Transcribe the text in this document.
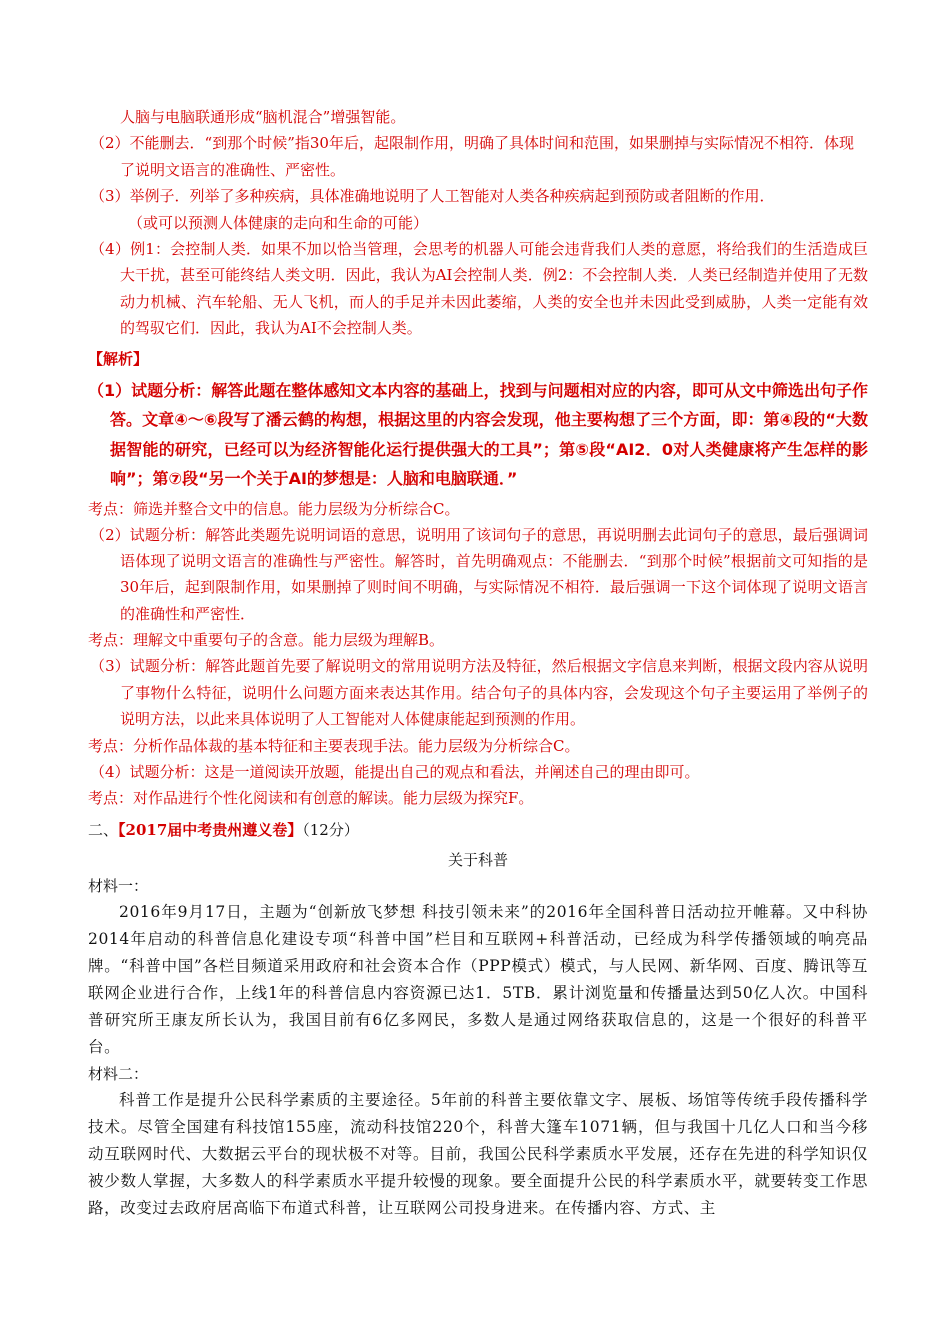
人脑与电脑联通形成“脑机混合”增强智能。
（2）不能删去．“到那个时候”指30年后，起限制作用，明确了具体时间和范围，如果删掉与实际情况不相符．体现了说明文语言的准确性、严密性。
（3）举例子．列举了多种疾病，具体准确地说明了人工智能对人类各种疾病起到预防或者阻断的作用．
（或可以预测人体健康的走向和生命的可能）
（4）例1：会控制人类．如果不加以恰当管理，会思考的机器人可能会违背我们人类的意愿，将给我们的生活造成巨大干扰，甚至可能终结人类文明．因此，我认为AI会控制人类．例2：不会控制人类．人类已经制造并使用了无数动力机械、汽车轮船、无人飞机，而人的手足并未因此萎缩，人类的安全也并未因此受到威胁，人类一定能有效的驾驭它们．因此，我认为AI不会控制人类。
【解析】
（1）试题分析：解答此题在整体感知文本内容的基础上，找到与问题相对应的内容，即可从文中筛选出句子作答。文章④～⑥段写了潘云鹤的构想，根据这里的内容会发现，他主要构想了三个方面，即：第④段的“大数据智能的研究，已经可以为经济智能化运行提供强大的工具”；第⑤段“AI2．0对人类健康将产生怎样的影响”；第⑦段“另一个关于AI的梦想是：人脑和电脑联通．”
考点：筛选并整合文中的信息。能力层级为分析综合C。
（2）试题分析：解答此类题先说明词语的意思，说明用了该词句子的意思，再说明删去此词句子的意思，最后强调词语体现了说明文语言的准确性与严密性。解答时，首先明确观点：不能删去．“到那个时候”根据前文可知指的是30年后，起到限制作用，如果删掉了则时间不明确，与实际情况不相符．最后强调一下这个词体现了说明文语言的准确性和严密性．
考点：理解文中重要句子的含意。能力层级为理解B。
（3）试题分析：解答此题首先要了解说明文的常用说明方法及特征，然后根据文字信息来判断，根据文段内容从说明了事物什么特征，说明什么问题方面来表达其作用。结合句子的具体内容，会发现这个句子主要运用了举例子的说明方法，以此来具体说明了人工智能对人体健康能起到预测的作用。
考点：分析作品体裁的基本特征和主要表现手法。能力层级为分析综合C。
（4）试题分析：这是一道阅读开放题，能提出自己的观点和看法，并阐述自己的理由即可。
考点：对作品进行个性化阅读和有创意的解读。能力层级为探究F。
二、【2017届中考贵州遵义卷】（12分）
关于科普
材料一：
2016年9月17日，主题为“创新放飞梦想 科技引领未来”的2016年全国科普日活动拉开帷幕。又中科协2014年启动的科普信息化建设专项“科普中国”栏目和互联网+科普活动，已经成为科学传播领域的响亮品牌。“科普中国”各栏目频道采用政府和社会资本合作（PPP模式）模式，与人民网、新华网、百度、腾讯等互联网企业进行合作，上线1年的科普信息内容资源已达1．5TB．累计浏览量和传播量达到50亿人次。中国科普研究所王康友所长认为，我国目前有6亿多网民，多数人是通过网络获取信息的，这是一个很好的科普平台。
材料二：
科普工作是提升公民科学素质的主要途径。5年前的科普主要依靠文字、展板、场馆等传统手段传播科学技术。尽管全国建有科技馆155座，流动科技馆220个，科普大篷车1071辆，但与我国十几亿人口和当今移动互联网时代、大数据云平台的现状极不对等。目前，我国公民科学素质水平发展，还存在先进的科学知识仅被少数人掌握，大多数人的科学素质水平提升较慢的现象。要全面提升公民的科学素质水平，就要转变工作思路，改变过去政府居高临下布道式科普，让互联网公司投身进来。在传播内容、方式、主
